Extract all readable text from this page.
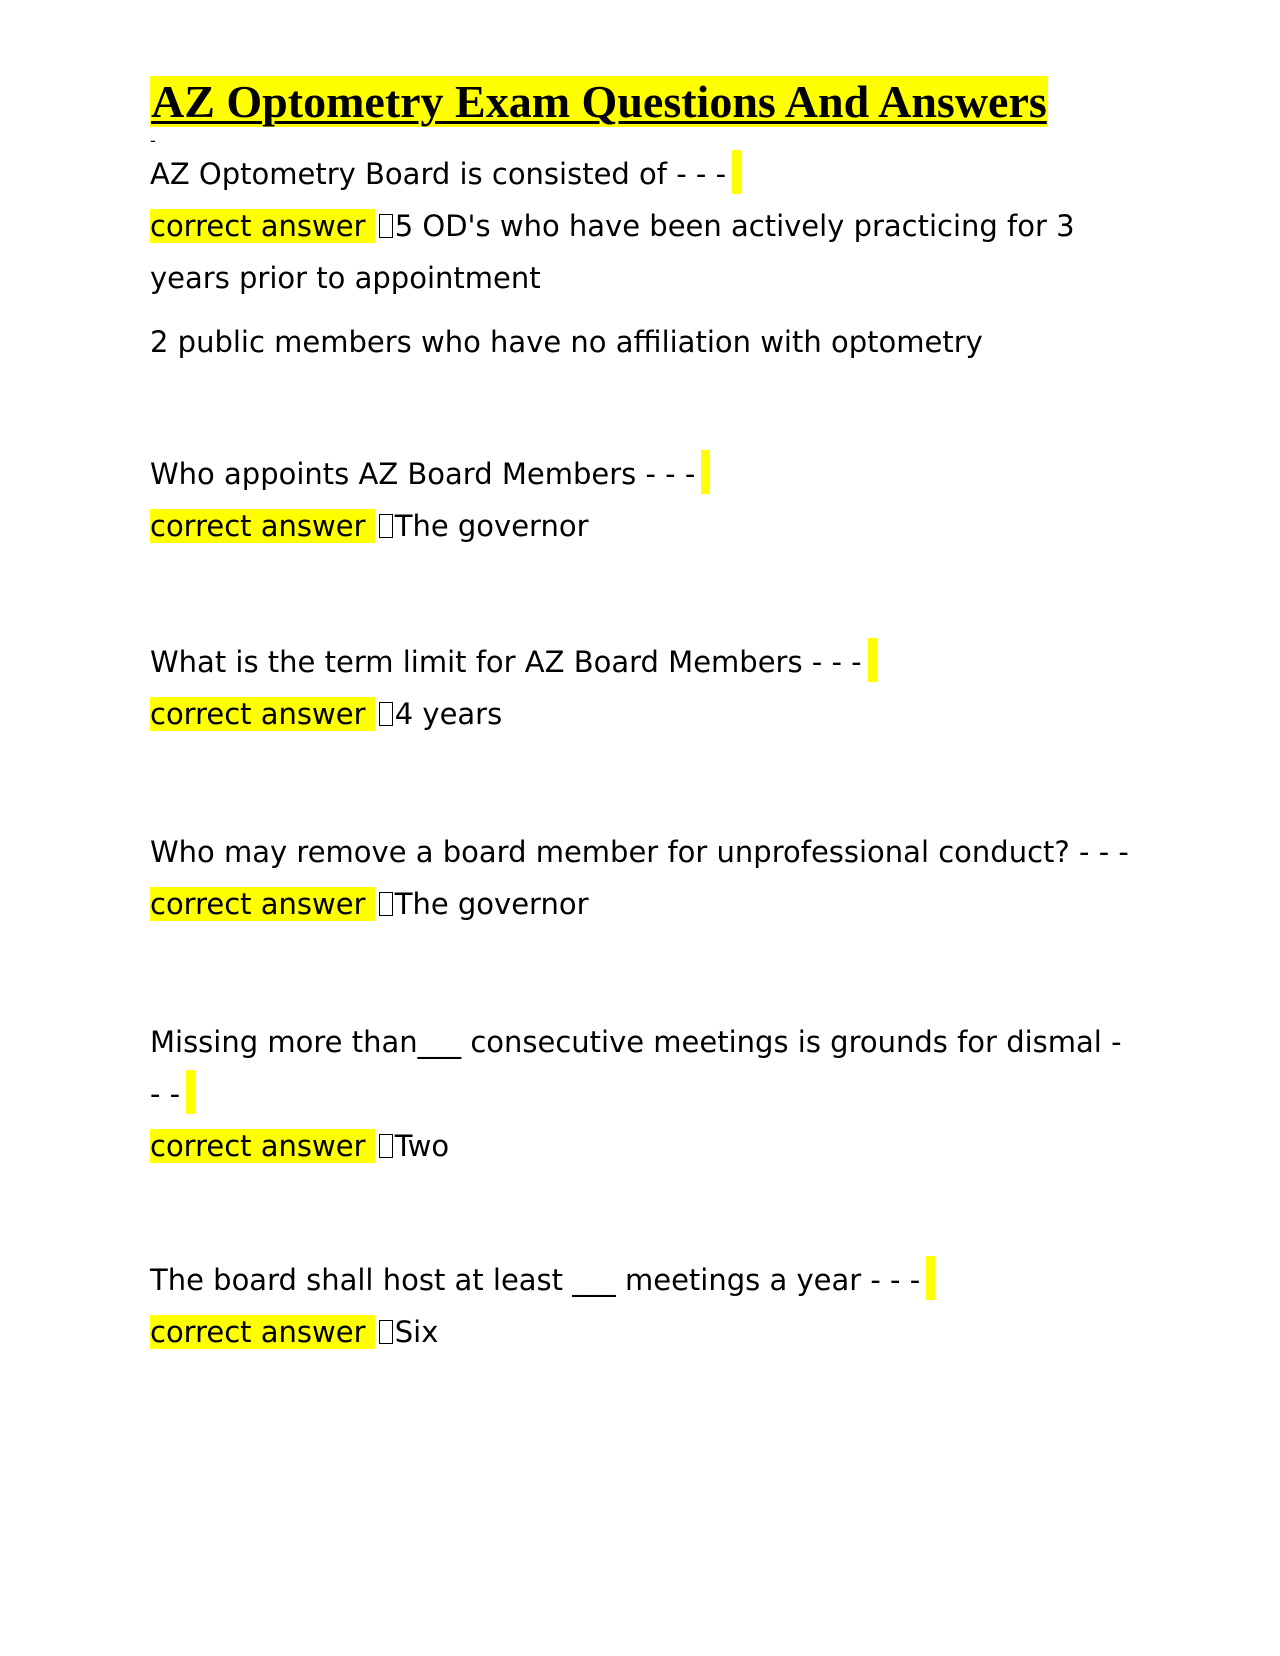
AZ Optometry Exam Questions And Answers
-
AZ Optometry Board is consisted of - - -
correct answer 5 OD's who have been actively practicing for 3
years prior to appointment
2 public members who have no affiliation with optometry
Who appoints AZ Board Members - - -
correct answer The governor
What is the term limit for AZ Board Members - - -
correct answer 4 years
Who may remove a board member for unprofessional conduct? - - -
correct answer The governor
Missing more than___ consecutive meetings is grounds for dismal -
- -
correct answer Two
The board shall host at least ___ meetings a year - - -
correct answer Six
